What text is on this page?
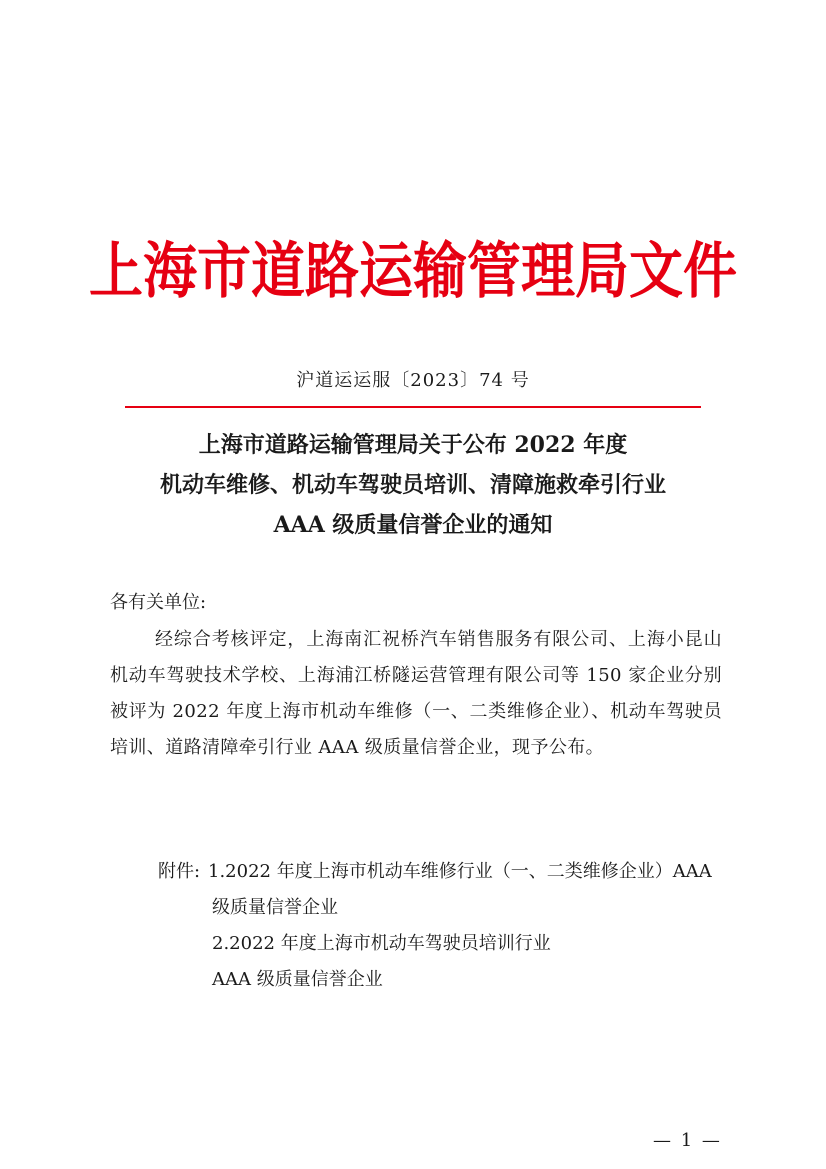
上海市道路运输管理局文件
沪道运运服〔2023〕74 号
上海市道路运输管理局关于公布 2022 年度
机动车维修、机动车驾驶员培训、清障施救牵引行业
AAA 级质量信誉企业的通知
各有关单位:
经综合考核评定，上海南汇祝桥汽车销售服务有限公司、上海小昆山机动车驾驶技术学校、上海浦江桥隧运营管理有限公司等 150 家企业分别被评为 2022 年度上海市机动车维修（一、二类维修企业）、机动车驾驶员培训、道路清障牵引行业 AAA 级质量信誉企业，现予公布。
附件: 1.2022 年度上海市机动车维修行业（一、二类维修企业）AAA 级质量信誉企业

2.2022 年度上海市机动车驾驶员培训行业

AAA 级质量信誉企业

— 1 —
